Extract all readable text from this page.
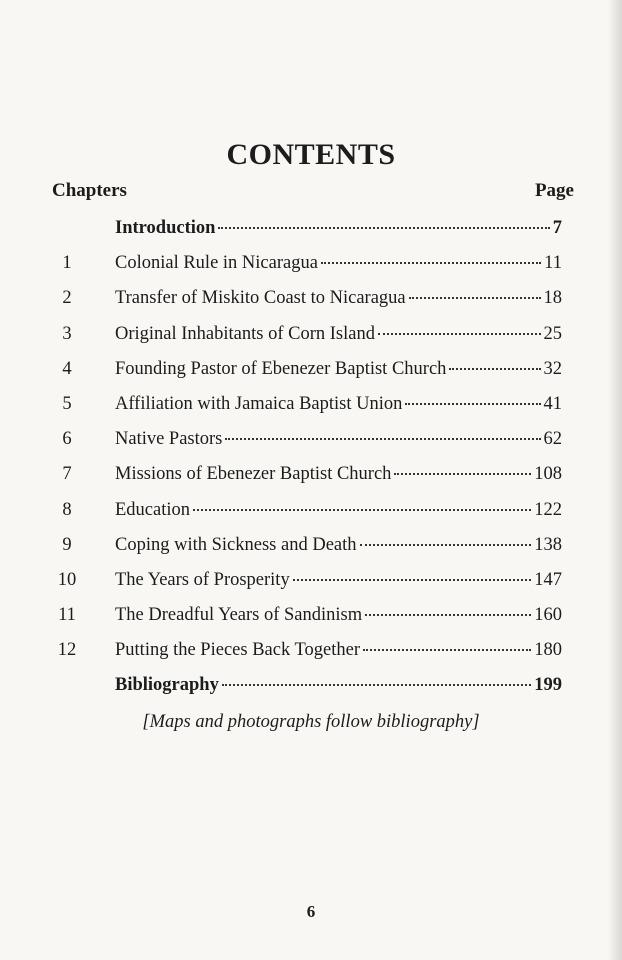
CONTENTS
Chapters	Page
Introduction	7
1	Colonial Rule in Nicaragua	11
2	Transfer of Miskito Coast to Nicaragua	18
3	Original Inhabitants of Corn Island	25
4	Founding Pastor of Ebenezer Baptist Church	32
5	Affiliation with Jamaica Baptist Union	41
6	Native Pastors	62
7	Missions of Ebenezer Baptist Church	108
8	Education	122
9	Coping with Sickness and Death	138
10	The Years of Prosperity	147
11	The Dreadful Years of Sandinism	160
12	Putting the Pieces Back Together	180
Bibliography	199
[Maps and photographs follow bibliography]
6
